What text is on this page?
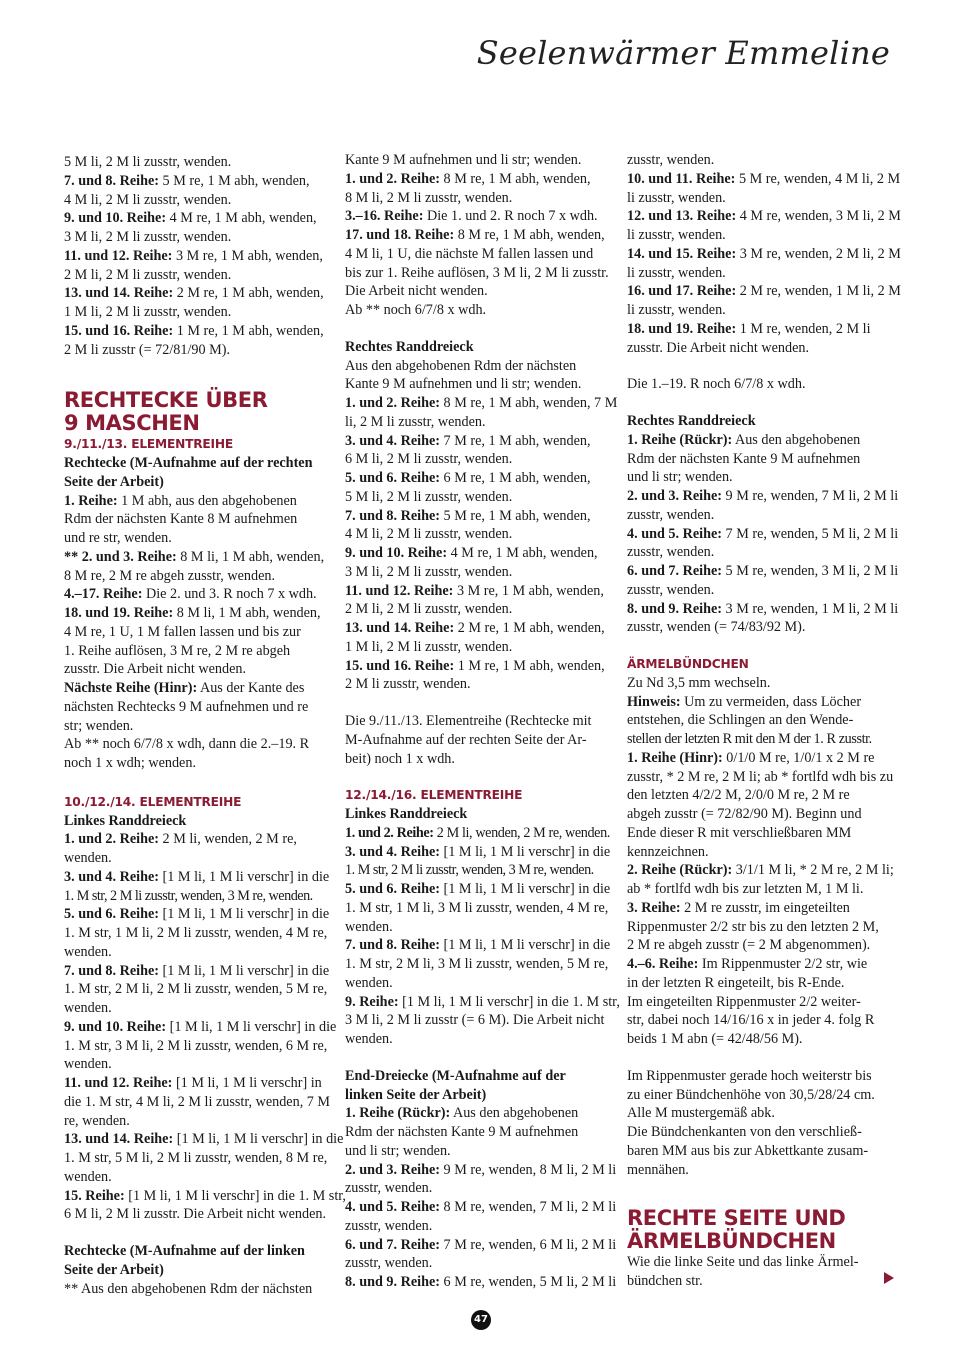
Seelenwärmer Emmeline

5 M li, 2 M li zusstr, wenden.

7. und 8. Reihe: 5 M re, 1 M abh, wenden,

4 M li, 2 M li zusstr, wenden.

9. und 10. Reihe: 4 M re, 1 M abh, wenden,

3 M li, 2 M li zusstr, wenden.

11. und 12. Reihe: 3 M re, 1 M abh, wenden,

2 M li, 2 M li zusstr, wenden.

13. und 14. Reihe: 2 M re, 1 M abh, wenden,

1 M li, 2 M li zusstr, wenden.

15. und 16. Reihe: 1 M re, 1 M abh, wenden,

2 M li zusstr (= 72/81/90 M).

RECHTECKE ÜBER

9 MASCHEN

9./11./13. ELEMENTREIHE

Rechtecke (M-Aufnahme auf der rechten

Seite der Arbeit)

1. Reihe: 1 M abh, aus den abgehobenen

Rdm der nächsten Kante 8 M aufnehmen

und re str, wenden.

** 2. und 3. Reihe: 8 M li, 1 M abh, wenden,

8 M re, 2 M re abgeh zusstr, wenden.

4.–17. Reihe: Die 2. und 3. R noch 7 x wdh.

18. und 19. Reihe: 8 M li, 1 M abh, wenden,

4 M re, 1 U, 1 M fallen lassen und bis zur

1. Reihe auflösen, 3 M re, 2 M re abgeh

zusstr. Die Arbeit nicht wenden.

Nächste Reihe (Hinr): Aus der Kante des

nächsten Rechtecks 9 M aufnehmen und re

str; wenden.

Ab ** noch 6/7/8 x wdh, dann die 2.–19. R

noch 1 x wdh; wenden.

10./12./14. ELEMENTREIHE

Linkes Randdreieck

1. und 2. Reihe: 2 M li, wenden, 2 M re,

wenden.

3. und 4. Reihe: [1 M li, 1 M li verschr] in die

1. M str, 2 M li zusstr, wenden, 3 M re, wenden.

5. und 6. Reihe: [1 M li, 1 M li verschr] in die

1. M str, 1 M li, 2 M li zusstr, wenden, 4 M re,

wenden.

7. und 8. Reihe: [1 M li, 1 M li verschr] in die

1. M str, 2 M li, 2 M li zusstr, wenden, 5 M re,

wenden.

9. und 10. Reihe: [1 M li, 1 M li verschr] in die

1. M str, 3 M li, 2 M li zusstr, wenden, 6 M re,

wenden.

11. und 12. Reihe: [1 M li, 1 M li verschr] in

die 1. M str, 4 M li, 2 M li zusstr, wenden, 7 M

re, wenden.

13. und 14. Reihe: [1 M li, 1 M li verschr] in die

1. M str, 5 M li, 2 M li zusstr, wenden, 8 M re,

wenden.

15. Reihe: [1 M li, 1 M li verschr] in die 1. M str,

6 M li, 2 M li zusstr. Die Arbeit nicht wenden.

Rechtecke (M-Aufnahme auf der linken

Seite der Arbeit)

** Aus den abgehobenen Rdm der nächsten

Kante 9 M aufnehmen und li str; wenden.

1. und 2. Reihe: 8 M re, 1 M abh, wenden,

8 M li, 2 M li zusstr, wenden.

3.–16. Reihe: Die 1. und 2. R noch 7 x wdh.

17. und 18. Reihe: 8 M re, 1 M abh, wenden,

4 M li, 1 U, die nächste M fallen lassen und

bis zur 1. Reihe auflösen, 3 M li, 2 M li zusstr.

Die Arbeit nicht wenden.

Ab ** noch 6/7/8 x wdh.

Rechtes Randdreieck

Aus den abgehobenen Rdm der nächsten

Kante 9 M aufnehmen und li str; wenden.

1. und 2. Reihe: 8 M re, 1 M abh, wenden, 7 M

li, 2 M li zusstr, wenden.

3. und 4. Reihe: 7 M re, 1 M abh, wenden,

6 M li, 2 M li zusstr, wenden.

5. und 6. Reihe: 6 M re, 1 M abh, wenden,

5 M li, 2 M li zusstr, wenden.

7. und 8. Reihe: 5 M re, 1 M abh, wenden,

4 M li, 2 M li zusstr, wenden.

9. und 10. Reihe: 4 M re, 1 M abh, wenden,

3 M li, 2 M li zusstr, wenden.

11. und 12. Reihe: 3 M re, 1 M abh, wenden,

2 M li, 2 M li zusstr, wenden.

13. und 14. Reihe: 2 M re, 1 M abh, wenden,

1 M li, 2 M li zusstr, wenden.

15. und 16. Reihe: 1 M re, 1 M abh, wenden,

2 M li zusstr, wenden.

Die 9./11./13. Elementreihe (Rechtecke mit

M-Aufnahme auf der rechten Seite der Ar-

beit) noch 1 x wdh.

12./14./16. ELEMENTREIHE

Linkes Randdreieck

1. und 2. Reihe: 2 M li, wenden, 2 M re, wenden.

3. und 4. Reihe: [1 M li, 1 M li verschr] in die

1. M str, 2 M li zusstr, wenden, 3 M re, wenden.

5. und 6. Reihe: [1 M li, 1 M li verschr] in die

1. M str, 1 M li, 3 M li zusstr, wenden, 4 M re,

wenden.

7. und 8. Reihe: [1 M li, 1 M li verschr] in die

1. M str, 2 M li, 3 M li zusstr, wenden, 5 M re,

wenden.

9. Reihe: [1 M li, 1 M li verschr] in die 1. M str,

3 M li, 2 M li zusstr (= 6 M). Die Arbeit nicht

wenden.

End-Dreiecke (M-Aufnahme auf der

linken Seite der Arbeit)

1. Reihe (Rückr): Aus den abgehobenen

Rdm der nächsten Kante 9 M aufnehmen

und li str; wenden.

2. und 3. Reihe: 9 M re, wenden, 8 M li, 2 M li

zusstr, wenden.

4. und 5. Reihe: 8 M re, wenden, 7 M li, 2 M li

zusstr, wenden.

6. und 7. Reihe: 7 M re, wenden, 6 M li, 2 M li

zusstr, wenden.

8. und 9. Reihe: 6 M re, wenden, 5 M li, 2 M li

zusstr, wenden.

10. und 11. Reihe: 5 M re, wenden, 4 M li, 2 M

li zusstr, wenden.

12. und 13. Reihe: 4 M re, wenden, 3 M li, 2 M

li zusstr, wenden.

14. und 15. Reihe: 3 M re, wenden, 2 M li, 2 M

li zusstr, wenden.

16. und 17. Reihe: 2 M re, wenden, 1 M li, 2 M

li zusstr, wenden.

18. und 19. Reihe: 1 M re, wenden, 2 M li

zusstr. Die Arbeit nicht wenden.

Die 1.–19. R noch 6/7/8 x wdh.

Rechtes Randdreieck

1. Reihe (Rückr): Aus den abgehobenen

Rdm der nächsten Kante 9 M aufnehmen

und li str; wenden.

2. und 3. Reihe: 9 M re, wenden, 7 M li, 2 M li

zusstr, wenden.

4. und 5. Reihe: 7 M re, wenden, 5 M li, 2 M li

zusstr, wenden.

6. und 7. Reihe: 5 M re, wenden, 3 M li, 2 M li

zusstr, wenden.

8. und 9. Reihe: 3 M re, wenden, 1 M li, 2 M li

zusstr, wenden (= 74/83/92 M).

ÄRMELBÜNDCHEN

Zu Nd 3,5 mm wechseln.

Hinweis: Um zu vermeiden, dass Löcher

entstehen, die Schlingen an den Wende-

stellen der letzten R mit den M der 1. R zusstr.

1. Reihe (Hinr): 0/1/0 M re, 1/0/1 x 2 M re

zusstr, * 2 M re, 2 M li; ab * fortlfd wdh bis zu

den letzten 4/2/2 M, 2/0/0 M re, 2 M re

abgeh zusstr (= 72/82/90 M). Beginn und

Ende dieser R mit verschließbaren MM

kennzeichnen.

2. Reihe (Rückr): 3/1/1 M li, * 2 M re, 2 M li;

ab * fortlfd wdh bis zur letzten M, 1 M li.

3. Reihe: 2 M re zusstr, im eingeteilten

Rippenmuster 2/2 str bis zu den letzten 2 M,

2 M re abgeh zusstr (= 2 M abgenommen).

4.–6. Reihe: Im Rippenmuster 2/2 str, wie

in der letzten R eingeteilt, bis R-Ende.

Im eingeteilten Rippenmuster 2/2 weiter-

str, dabei noch 14/16/16 x in jeder 4. folg R

beids 1 M abn (= 42/48/56 M).

Im Rippenmuster gerade hoch weiterstr bis

zu einer Bündchenhöhe von 30,5/28/24 cm.

Alle M mustergemäß abk.

Die Bündchenkanten von den verschließ-

baren MM aus bis zur Abkettkante zusam-

mennähen.

RECHTE SEITE UND

ÄRMELBÜNDCHEN

Wie die linke Seite und das linke Ärmel-

bündchen str.

47
